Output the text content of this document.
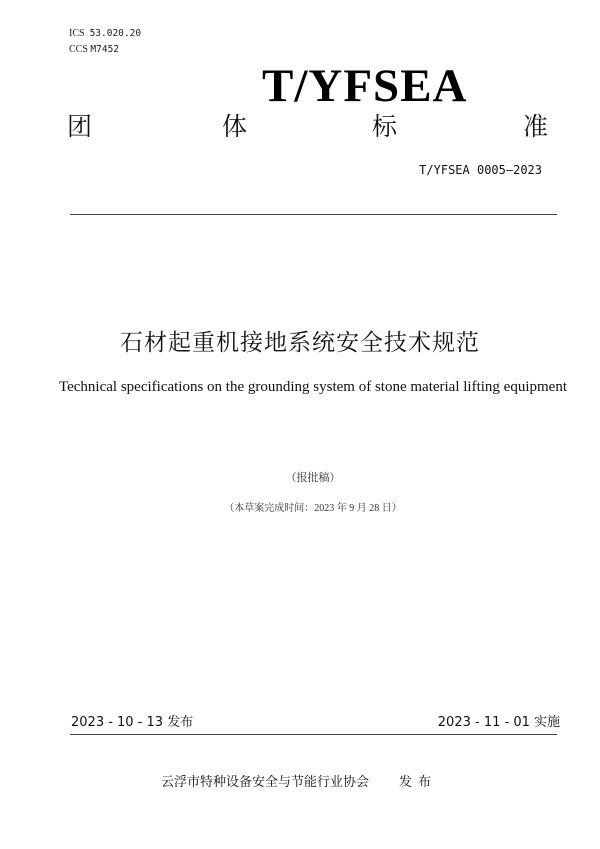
ICS 53.020.20
CCS M7452
T/YFSEA
团	体	标	准
T/YFSEA 0005—2023
石材起重机接地系统安全技术规范
Technical specifications on the grounding system of stone material lifting equipment
（报批稿）
（本草案完成时间：2023 年 9 月 28 日）
2023 - 10 - 13 发布	2023 - 11 - 01 实施
云浮市特种设备安全与节能行业协会 发布
